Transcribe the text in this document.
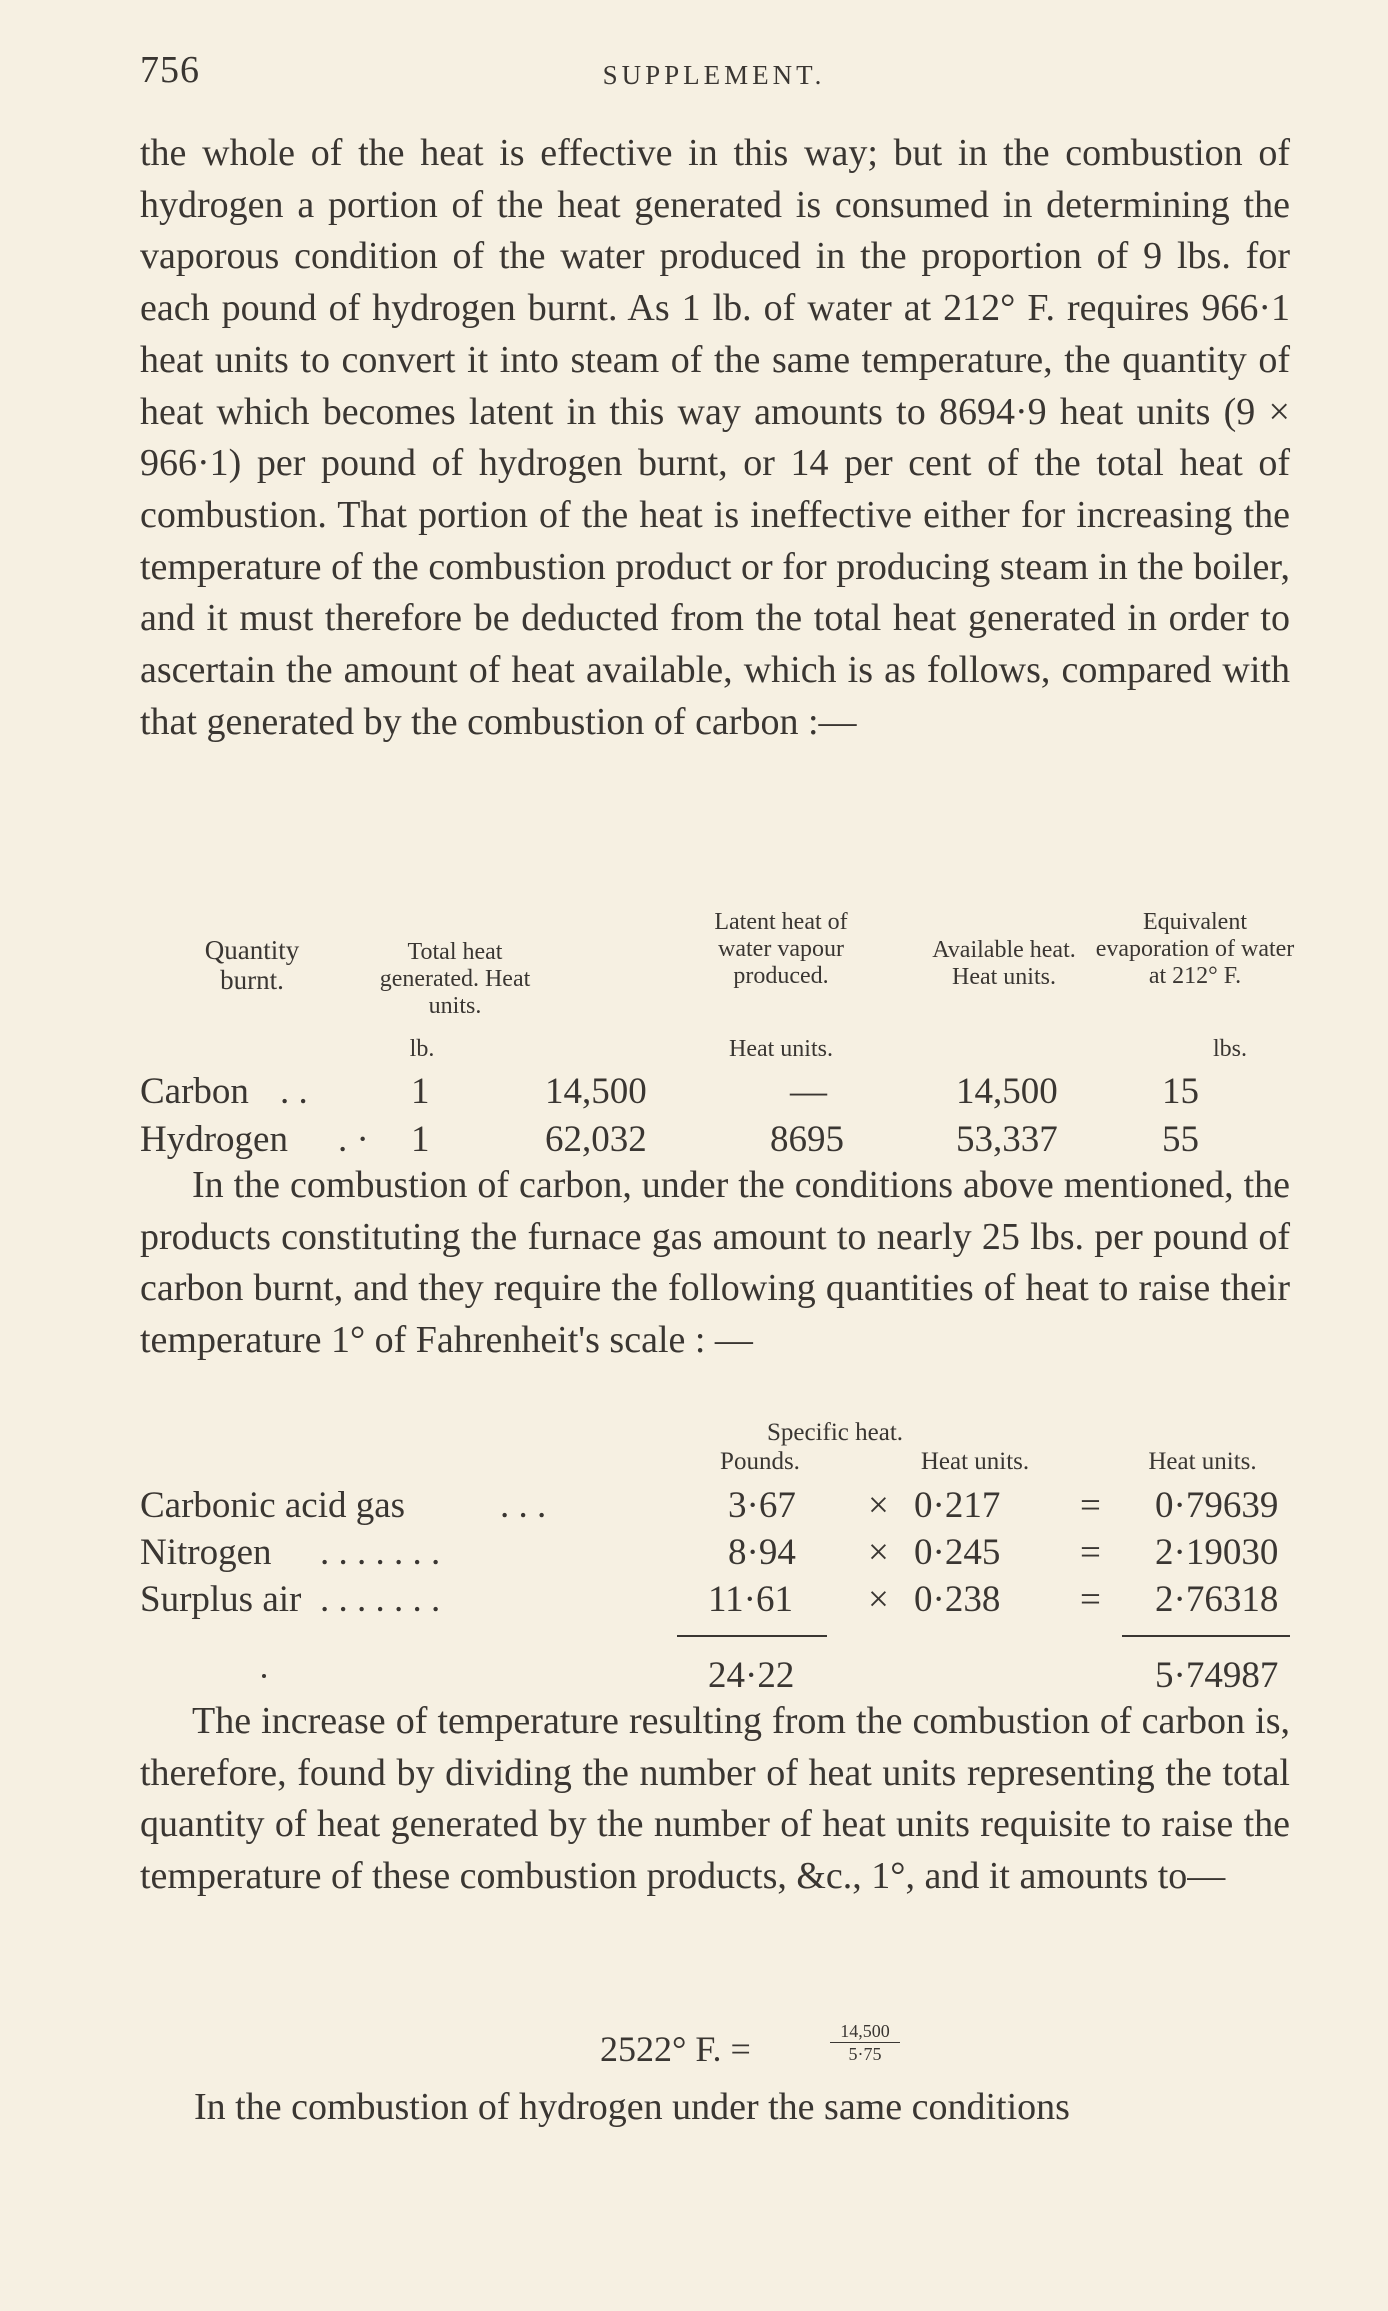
756	SUPPLEMENT.

the whole of the heat is effective in this way; but in the combustion of hydrogen a portion of the heat generated is consumed in determining the vaporous condition of the water produced in the proportion of 9 lbs. for each pound of hydrogen burnt. As 1 lb. of water at 212° F. requires 966·1 heat units to convert it into steam of the same temperature, the quantity of heat which becomes latent in this way amounts to 8694·9 heat units (9 × 966·1) per pound of hydrogen burnt, or 14 per cent of the total heat of combustion. That portion of the heat is ineffective either for increasing the temperature of the combustion product or for producing steam in the boiler, and it must therefore be deducted from the total heat generated in order to ascertain the amount of heat available, which is as follows, compared with that generated by the combustion of carbon :—

Quantity burnt.
Total heat generated. Heat units.
Latent heat of water vapour produced.
Available heat. Heat units.
Equivalent evaporation of water at 212° F.
lb.	Heat units.	lbs.
Carbon . .	1	14,500	—	14,500	15
Hydrogen . · 1	62,032	8695	53,337	55

In the combustion of carbon, under the conditions above mentioned, the products constituting the furnace gas amount to nearly 25 lbs. per pound of carbon burnt, and they require the following quantities of heat to raise their temperature 1° of Fahrenheit's scale : —

Specific heat.
Pounds.	Heat units.	Heat units.
Carbonic acid gas	. . .	3·67 × 0·217 = 0·79639
Nitrogen . . . . . . .	8·94 × 0·245 = 2·19030
Surplus air . . . . . . .	11·61 × 0·238 = 2·76318
24·22	5·74987

The increase of temperature resulting from the combustion of carbon is, therefore, found by dividing the number of heat units representing the total quantity of heat generated by the number of heat units requisite to raise the temperature of these combustion products, &c., 1°, and it amounts to—

2522° F. =	$\frac{14,500}{5\cdot 75}$

In the combustion of hydrogen under the same conditions
